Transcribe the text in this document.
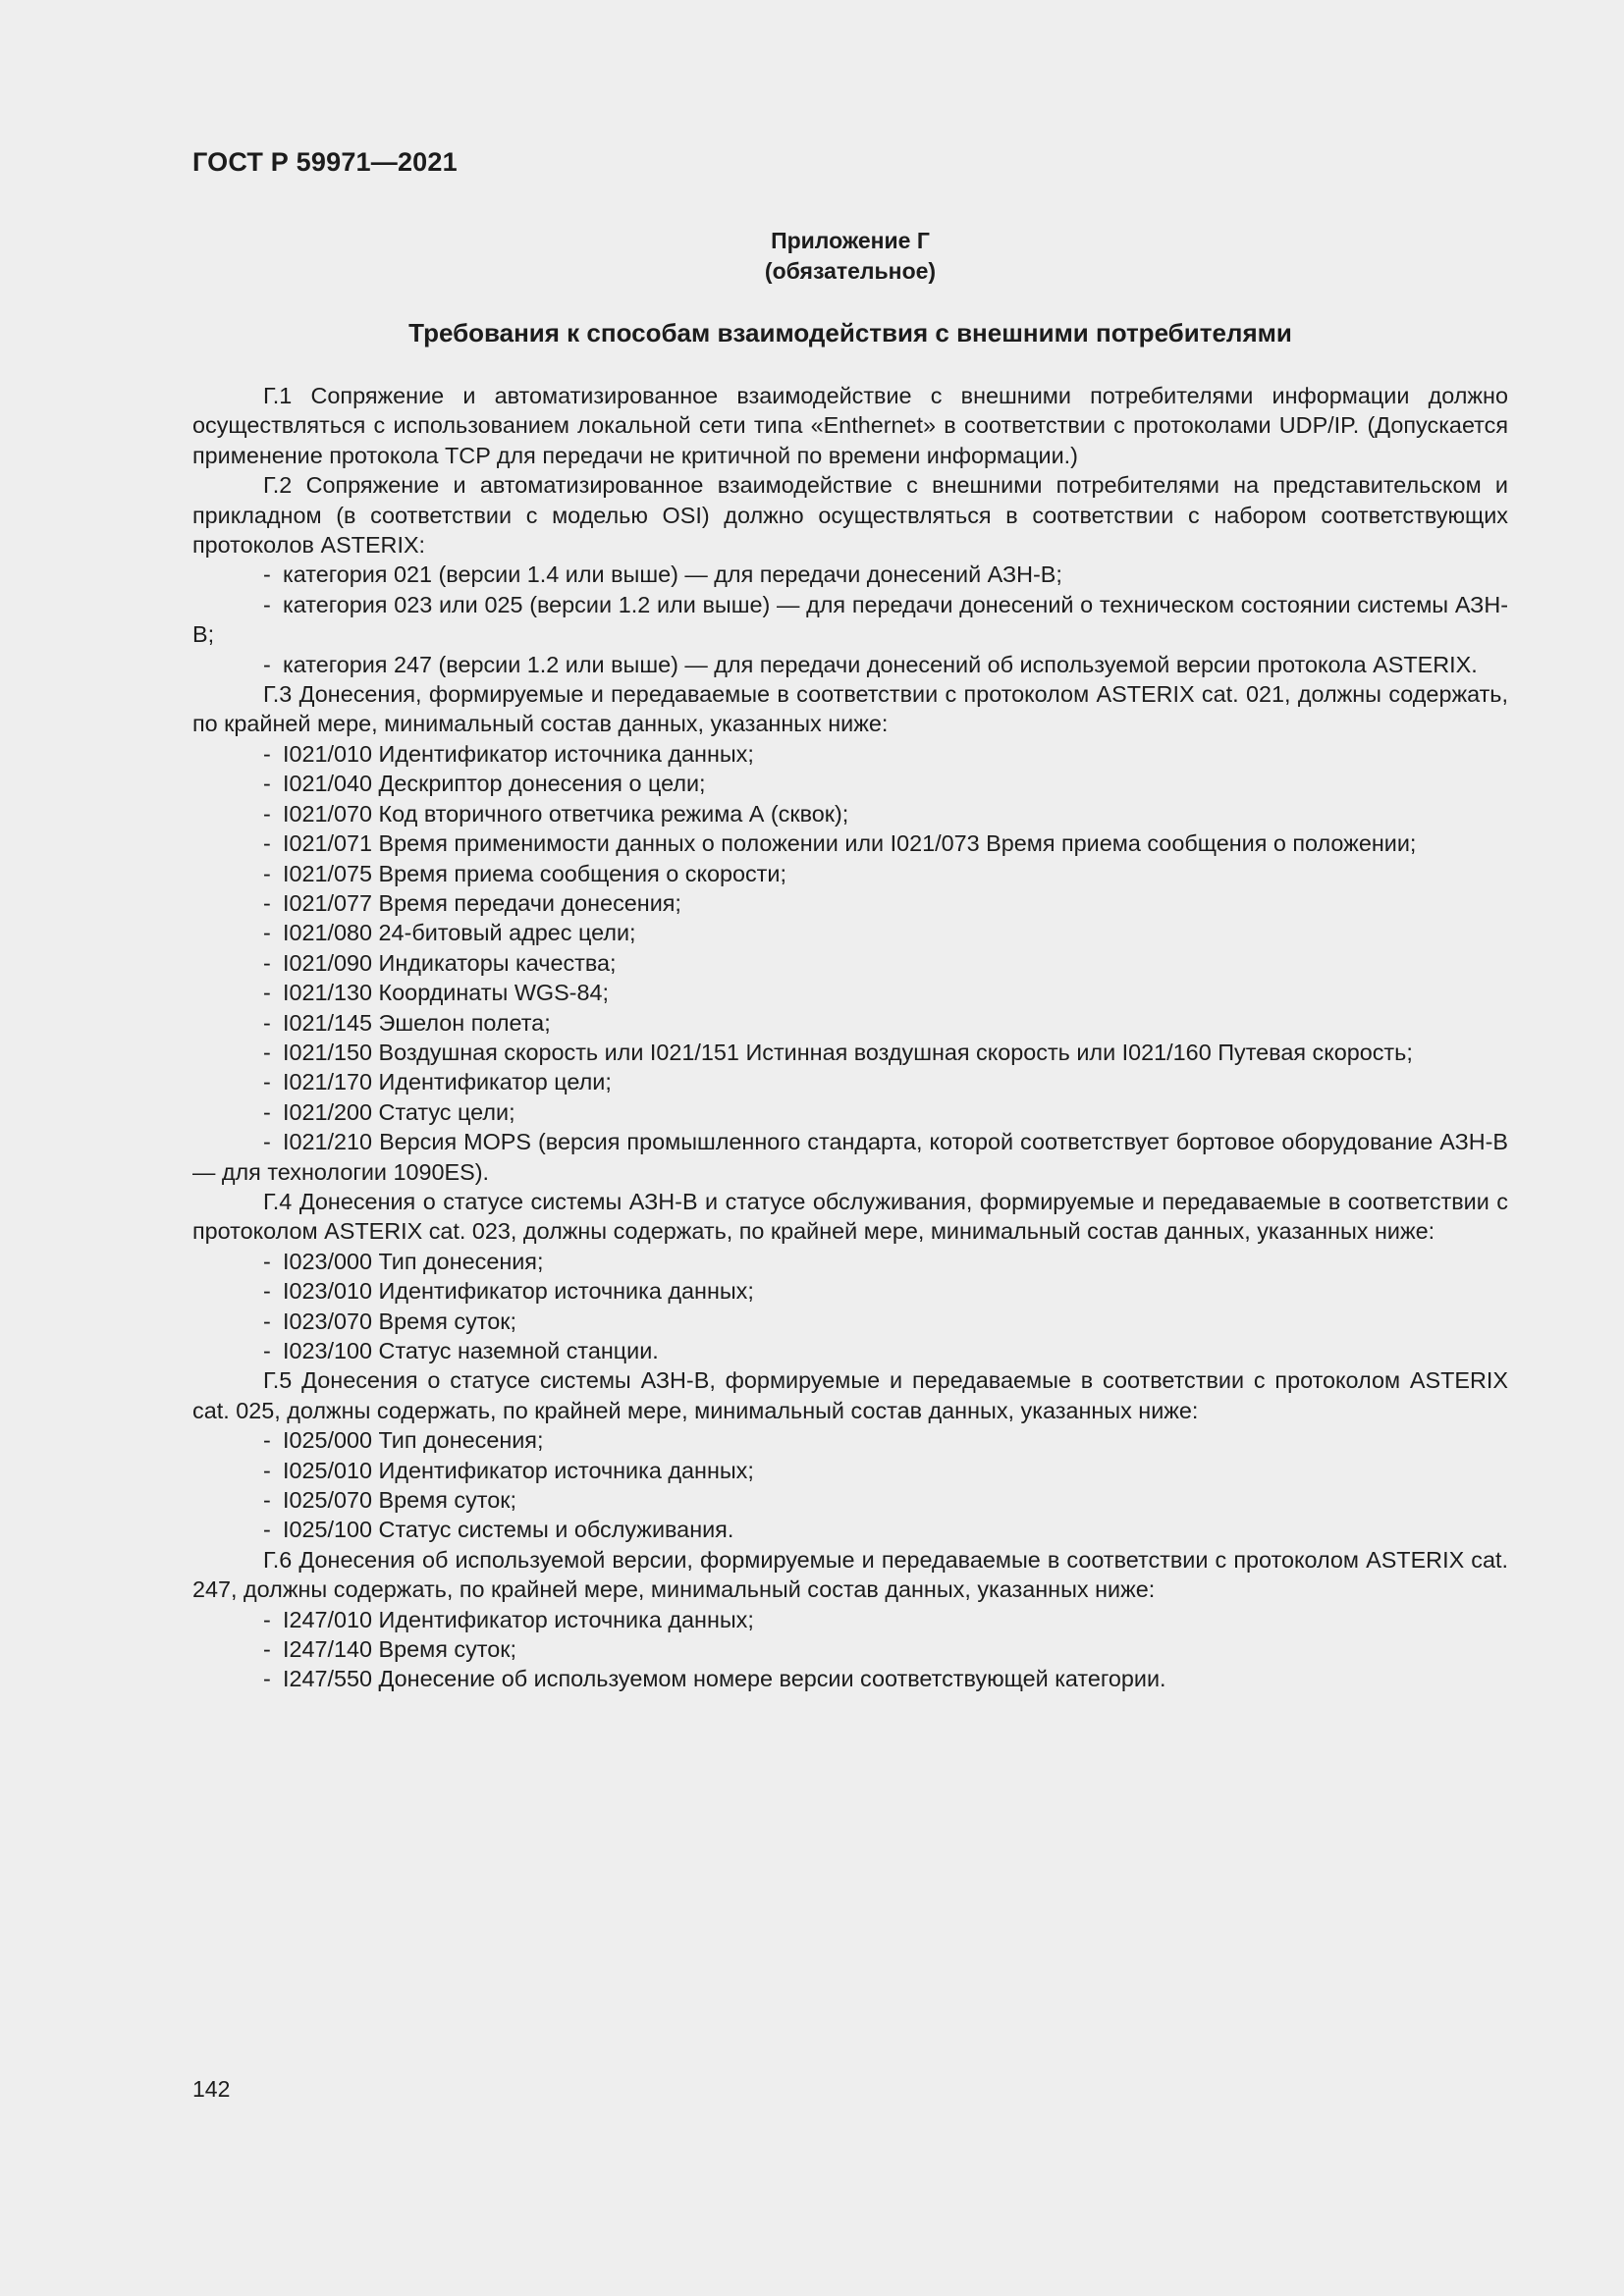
ГОСТ Р 59971—2021
Приложение Г
(обязательное)
Требования к способам взаимодействия с внешними потребителями

Г.1 Сопряжение и автоматизированное взаимодействие с внешними потребителями информации должно осуществляться с использованием локальной сети типа «Enthernet» в соответствии с протоколами UDP/IP. (Допускается применение протокола TCP для передачи не критичной по времени информации.)

Г.2 Сопряжение и автоматизированное взаимодействие с внешними потребителями на представительском и прикладном (в соответствии с моделью OSI) должно осуществляться в соответствии с набором соответствующих протоколов ASTERIX:

- категория 021 (версии 1.4 или выше) — для передачи донесений АЗН-В;

- категория 023 или 025 (версии 1.2 или выше) — для передачи донесений о техническом состоянии системы АЗН-В;

- категория 247 (версии 1.2 или выше) — для передачи донесений об используемой версии протокола ASTERIX.

Г.3 Донесения, формируемые и передаваемые в соответствии с протоколом ASTERIX cat. 021, должны содержать, по крайней мере, минимальный состав данных, указанных ниже:

- I021/010 Идентификатор источника данных;

- I021/040 Дескриптор донесения о цели;

- I021/070 Код вторичного ответчика режима А (сквок);

- I021/071 Время применимости данных о положении или I021/073 Время приема сообщения о положении;

- I021/075 Время приема сообщения о скорости;

- I021/077 Время передачи донесения;

- I021/080 24-битовый адрес цели;

- I021/090 Индикаторы качества;

- I021/130 Координаты WGS-84;

- I021/145 Эшелон полета;

- I021/150 Воздушная скорость или I021/151 Истинная воздушная скорость или I021/160 Путевая скорость;

- I021/170 Идентификатор цели;

- I021/200 Статус цели;

- I021/210 Версия MOPS (версия промышленного стандарта, которой соответствует бортовое оборудование АЗН-В — для технологии 1090ES).

Г.4 Донесения о статусе системы АЗН-В и статусе обслуживания, формируемые и передаваемые в соответствии с протоколом ASTERIX cat. 023, должны содержать, по крайней мере, минимальный состав данных, указанных ниже:

- I023/000 Тип донесения;

- I023/010 Идентификатор источника данных;

- I023/070 Время суток;

- I023/100 Статус наземной станции.

Г.5 Донесения о статусе системы АЗН-В, формируемые и передаваемые в соответствии с протоколом ASTERIX cat. 025, должны содержать, по крайней мере, минимальный состав данных, указанных ниже:

- I025/000 Тип донесения;

- I025/010 Идентификатор источника данных;

- I025/070 Время суток;

- I025/100 Статус системы и обслуживания.

Г.6 Донесения об используемой версии, формируемые и передаваемые в соответствии с протоколом ASTERIX cat. 247, должны содержать, по крайней мере, минимальный состав данных, указанных ниже:

- I247/010 Идентификатор источника данных;

- I247/140 Время суток;

- I247/550 Донесение об используемом номере версии соответствующей категории.

142
